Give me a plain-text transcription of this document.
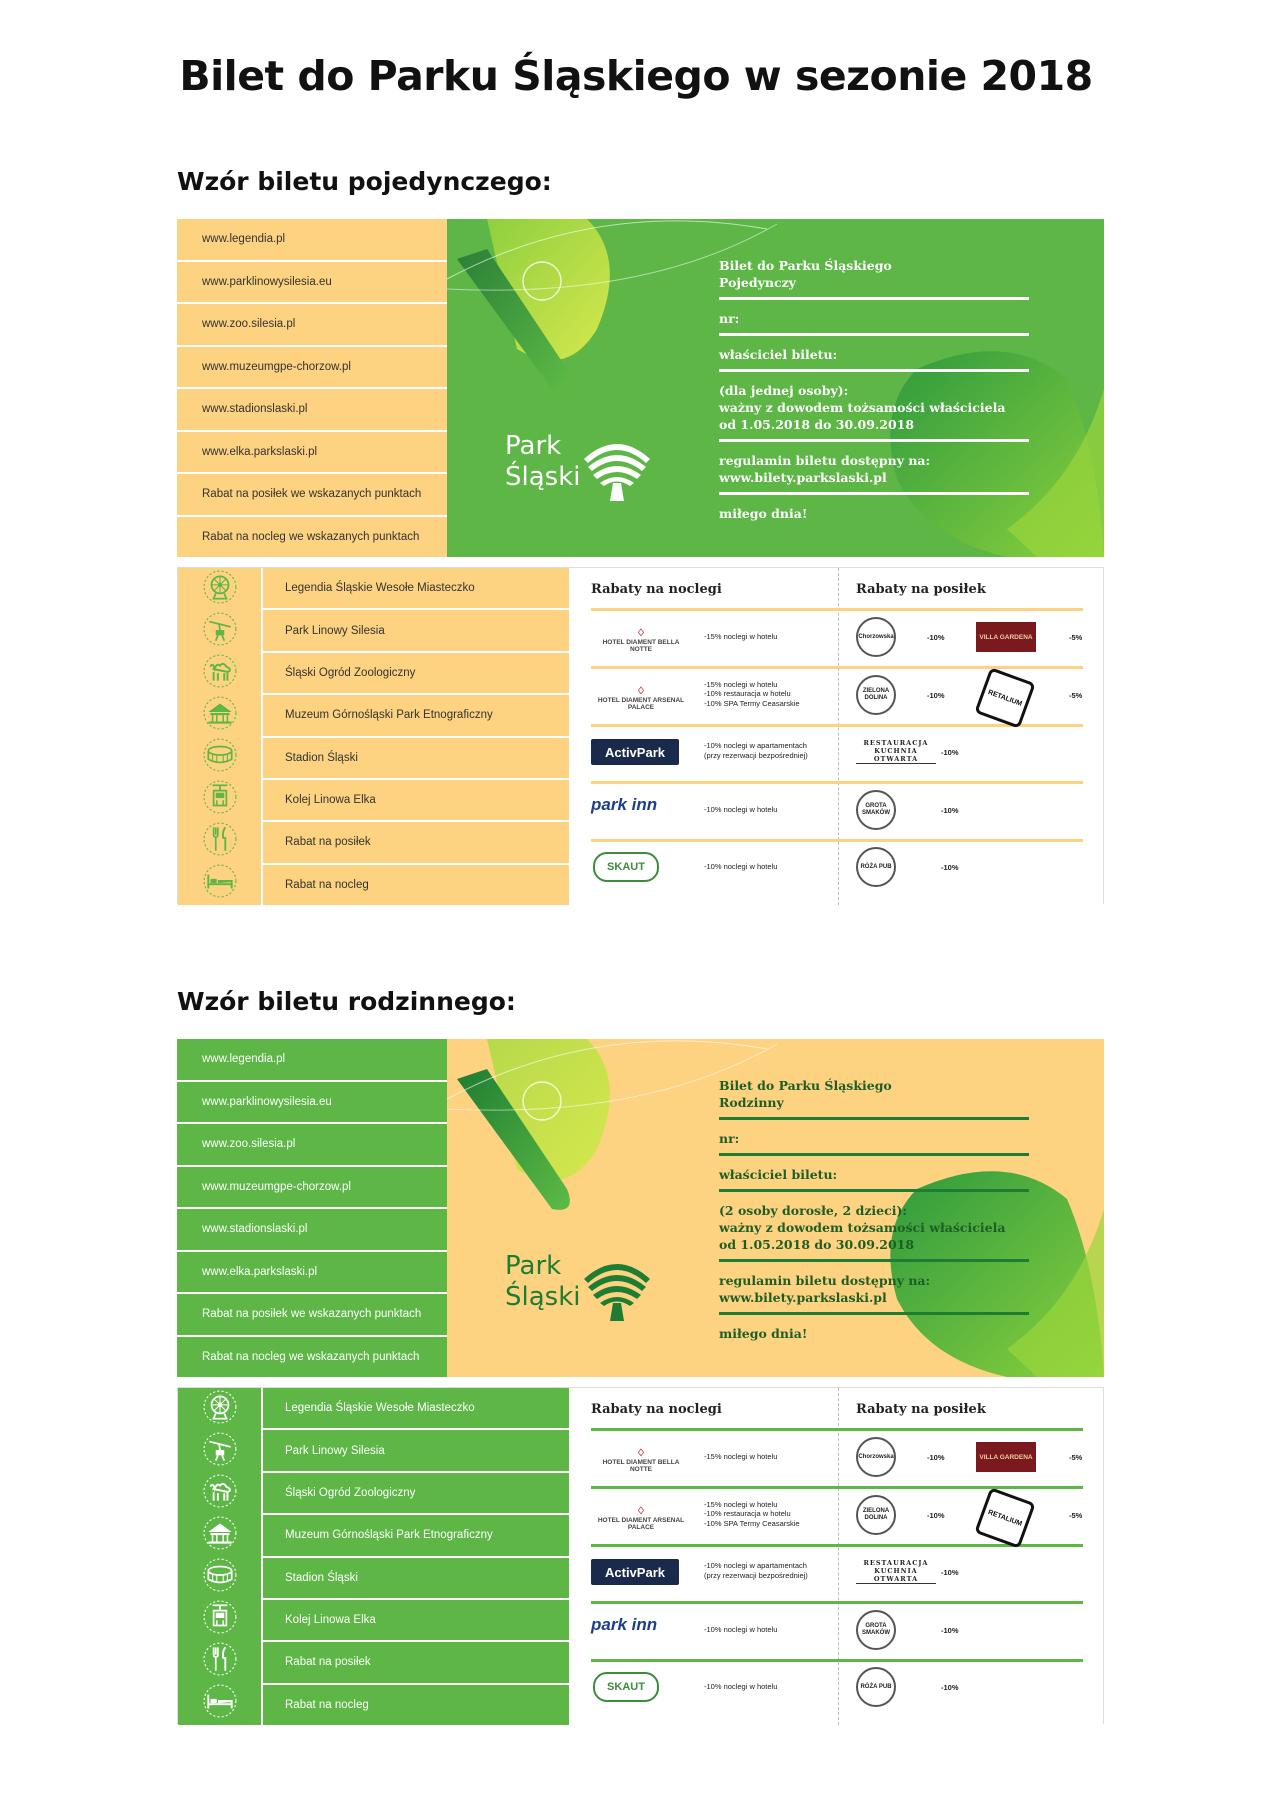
Bilet do Parku Śląskiego w sezonie 2018
Wzór biletu pojedynczego:
www.legendia.pl
www.parklinowysilesia.eu
www.zoo.silesia.pl
www.muzeumgpe-chorzow.pl
www.stadionslaski.pl
www.elka.parkslaski.pl
Rabat na posiłek we wskazanych punktach
Rabat na nocleg we wskazanych punktach
Park
Śląski
Bilet do Parku Śląskiego
Pojedynczy
nr:
właściciel biletu:
(dla jednej osoby):
ważny z dowodem tożsamości właściciela
od 1.05.2018 do 30.09.2018
regulamin biletu dostępny na:
www.bilety.parkslaski.pl
miłego dnia!
Legendia Śląskie Wesołe Miasteczko
Park Linowy Silesia
Śląski Ogród Zoologiczny
Muzeum Górnośląski Park Etnograficzny
Stadion Śląski
Kolej Linowa Elka
Rabat na posiłek
Rabat na nocleg
Rabaty na noclegi	Rabaty na posiłek
♢
HOTEL DIAMENT BELLA NOTTE
-15% noclegi w hotelu	Chorzowska	-10%	VILLA GARDENA	-5%
♢
HOTEL DIAMENT ARSENAL PALACE
-15% noclegi w hotelu
-10% restauracja w hotelu
-10% SPA Termy Ceasarskie
ZIELONA DOLINA	-10%	RETALIUM	-5%
ActivPark	-10% noclegi w apartamentach
(przy rezerwacji bezpośredniej)
RESTAURACJA KUCHNIA OTWARTA
-10%
park inn	-10% noclegi w hotelu	GROTA SMAKÓW	-10%
SKAUT	-10% noclegi w hotelu	RÓŻA PUB	-10%
Wzór biletu rodzinnego:
www.legendia.pl
www.parklinowysilesia.eu
www.zoo.silesia.pl
www.muzeumgpe-chorzow.pl
www.stadionslaski.pl
www.elka.parkslaski.pl
Rabat na posiłek we wskazanych punktach
Rabat na nocleg we wskazanych punktach
Park
Śląski
Bilet do Parku Śląskiego
Rodzinny
nr:
właściciel biletu:
(2 osoby dorosłe, 2 dzieci):
ważny z dowodem tożsamości właściciela
od 1.05.2018 do 30.09.2018
regulamin biletu dostępny na:
www.bilety.parkslaski.pl
miłego dnia!
Legendia Śląskie Wesołe Miasteczko
Park Linowy Silesia
Śląski Ogród Zoologiczny
Muzeum Górnośląski Park Etnograficzny
Stadion Śląski
Kolej Linowa Elka
Rabat na posiłek
Rabat na nocleg
Rabaty na noclegi	Rabaty na posiłek
♢
HOTEL DIAMENT BELLA NOTTE
-15% noclegi w hotelu	Chorzowska	-10%	VILLA GARDENA	-5%
♢
HOTEL DIAMENT ARSENAL PALACE
-15% noclegi w hotelu
-10% restauracja w hotelu
-10% SPA Termy Ceasarskie
ZIELONA DOLINA	-10%	RETALIUM	-5%
ActivPark	-10% noclegi w apartamentach
(przy rezerwacji bezpośredniej)
RESTAURACJA KUCHNIA OTWARTA
-10%
park inn	-10% noclegi w hotelu	GROTA SMAKÓW	-10%
SKAUT	-10% noclegi w hotelu	RÓŻA PUB	-10%
